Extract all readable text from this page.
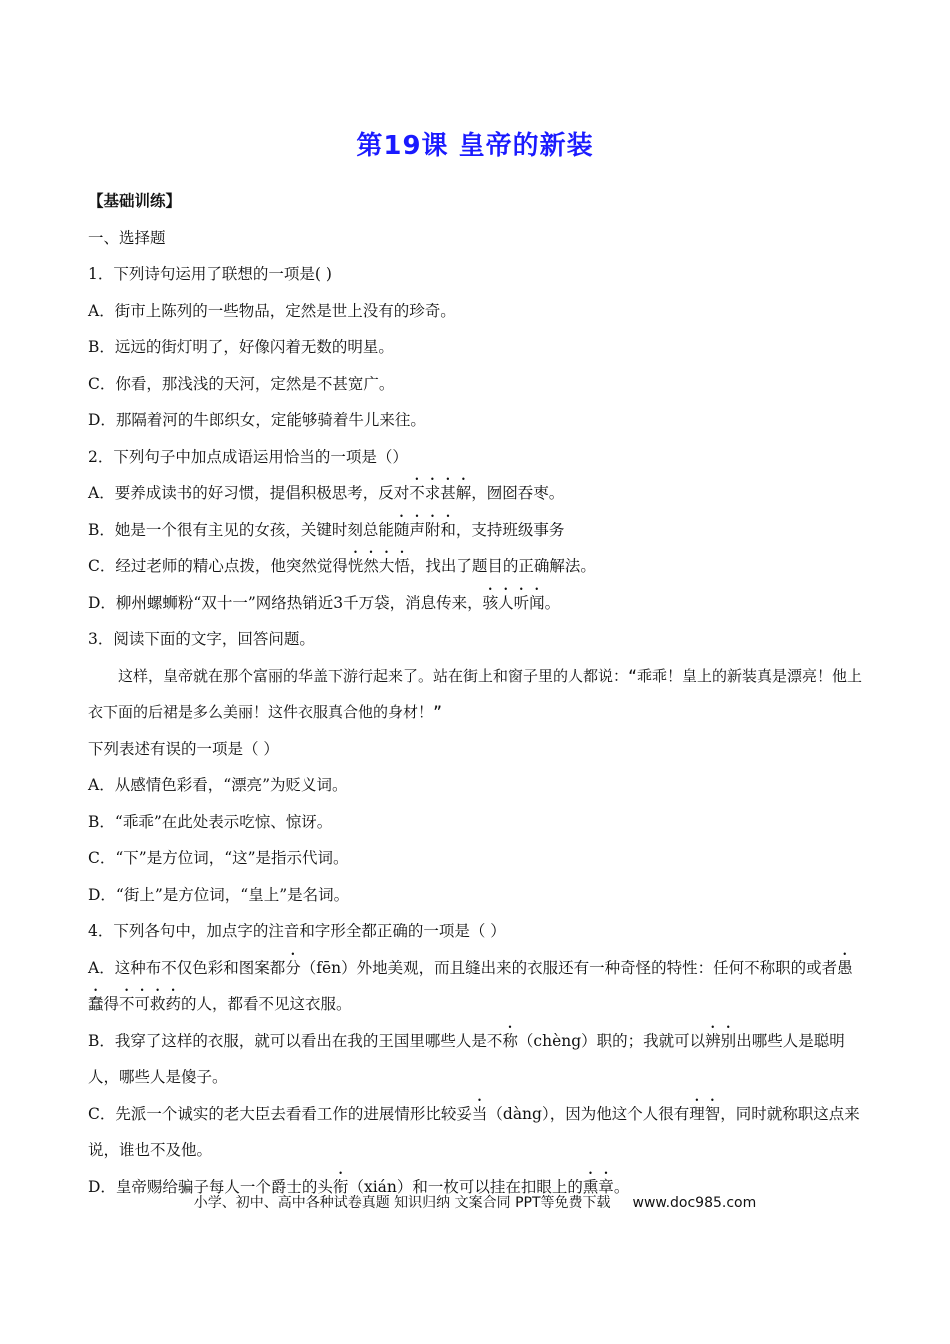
第19课 皇帝的新装
【基础训练】
一、选择题
1．下列诗句运用了联想的一项是( )
A．街市上陈列的一些物品，定然是世上没有的珍奇。
B．远远的街灯明了，好像闪着无数的明星。
C．你看，那浅浅的天河，定然是不甚宽广。
D．那隔着河的牛郎织女，定能够骑着牛儿来往。
2．下列句子中加点成语运用恰当的一项是（）
A．要养成读书的好习惯，提倡积极思考，反对不求甚解，囫囵吞枣。
B．她是一个很有主见的女孩，关键时刻总能随声附和，支持班级事务
C．经过老师的精心点拨，他突然觉得恍然大悟，找出了题目的正确解法。
D．柳州螺蛳粉“双十一”网络热销近3千万袋，消息传来，骇人听闻。
3．阅读下面的文字，回答问题。
这样，皇帝就在那个富丽的华盖下游行起来了。站在街上和窗子里的人都说：“乖乖！皇上的新装真是漂亮！他上衣下面的后裙是多么美丽！这件衣服真合他的身材！”
下列表述有误的一项是（ ）
A．从感情色彩看，“漂亮”为贬义词。
B．“乖乖”在此处表示吃惊、惊讶。
C．“下”是方位词，“这”是指示代词。
D．“街上”是方位词，“皇上”是名词。
4．下列各句中，加点字的注音和字形全都正确的一项是（ ）
A．这种布不仅色彩和图案都分（fēn）外地美观，而且缝出来的衣服还有一种奇怪的特性：任何不称职的或者愚蠢得不可救药的人，都看不见这衣服。
B．我穿了这样的衣服，就可以看出在我的王国里哪些人是不称（chèng）职的；我就可以辨别出哪些人是聪明人，哪些人是傻子。
C．先派一个诚实的老大臣去看看工作的进展情形比较妥当（dàng），因为他这个人很有理智，同时就称职这点来说，谁也不及他。
D．皇帝赐给骗子每人一个爵士的头衔（xián）和一枚可以挂在扣眼上的熏章。
小学、初中、高中各种试卷真题 知识归纳 文案合同 PPT等免费下载 www.doc985.com
